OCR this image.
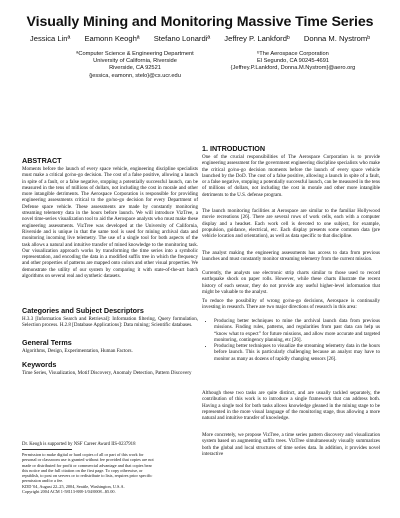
Visually Mining and Monitoring Massive Time Series
Jessica Linª Eamonn Keoghª Stefano Lonardiª Jeffrey P. Lankfordᵇ Donna M. Nystromᵇ
ªComputer Science & Engineering Department
University of California, Riverside
Riverside, CA 92521
{jessica, eamonn, stelo}@cs.ucr.edu
ᵇThe Aerospace Corporation
El Segundo, CA 90245-4691
{Jeffrey.P.Lankford, Donna.M.Nystrom}@aero.org
ABSTRACT
Moments before the launch of every space vehicle, engineering discipline specialists must make a critical go/no-go decision. The cost of a false positive, allowing a launch in spite of a fault, or a false negative, stopping a potentially successful launch, can be measured in the tens of millions of dollars, not including the cost in morale and other more intangible detriments. The Aerospace Corporation is responsible for providing engineering assessments critical to the go/no-go decision for every Department of Defense space vehicle. These assessments are made by constantly monitoring streaming telemetry data in the hours before launch. We will introduce VizTree, a novel time-series visualization tool to aid the Aerospace analysts who must make these engineering assessments. VizTree was developed at the University of California, Riverside and is unique in that the same tool is used for mining archival data and monitoring incoming live telemetry. The use of a single tool for both aspects of the task allows a natural and intuitive transfer of mined knowledge to the monitoring task. Our visualization approach works by transforming the time series into a symbolic representation, and encoding the data in a modified suffix tree in which the frequency and other properties of patterns are mapped onto colors and other visual properties. We demonstrate the utility of our system by comparing it with state-of-the-art batch algorithms on several real and synthetic datasets.
Categories and Subject Descriptors
H.3.3 [Information Search and Retrieval]: Information filtering, Query formulation, Selection process. H.2.8 [Database Applications]: Data mining; Scientific databases.
General Terms
Algorithms, Design, Experimentation, Human Factors.
Keywords
Time Series, Visualization, Motif Discovery, Anomaly Detection, Pattern Discovery
Dr. Keogh is supported by NSF Career Award IIS-0237918
Permission to make digital or hard copies of all or part of this work for
personal or classroom use is granted without fee provided that copies are not
made or distributed for profit or commercial advantage and that copies bear
this notice and the full citation on the first page. To copy otherwise, or
republish, to post on servers or to redistribute to lists, requires prior specific
permission and/or a fee.
KDD '04, August 22–25, 2004, Seattle, Washington, U.S.A.
Copyright 2004 ACM 1-58113-888-1/04/0008...$5.00.
1. INTRODUCTION
One of the crucial responsibilities of The Aerospace Corporation is to provide engineering assessment for the government engineering discipline specialists who make the critical go/no-go decision moments before the launch of every space vehicle launched by the DoD. The cost of a false positive, allowing a launch in spite of a fault, or a false negative, stopping a potentially successful launch, can be measured in the tens of millions of dollars, not including the cost in morale and other more intangible detriments to the U.S. defense program.
The launch monitoring facilities at Aerospace are similar to the familiar Hollywood movie recreations [26]. There are several rows of work cells, each with a computer display and a headset. Each work cell is devoted to one subject, for example, propulsion, guidance, electrical, etc. Each display presents some common data (pre vehicle location and orientation), as well as data specific to that discipline.
The analyst making the engineering assessments has access to data from previous launches and must constantly monitor streaming telemetry from the current mission.
Currently, the analysts use electronic strip charts similar to those used to record earthquake shock on paper rolls. However, while these charts illustrate the recent history of each sensor, they do not provide any useful higher-level information that might be valuable to the analyst.
To reduce the possibility of wrong go/no-go decisions, Aerospace is continually investing in research. There are two major directions of research in this area:
• Producing better techniques to mine the archival launch data from previous missions. Finding rules, patterns, and regularities from past data can help us “know what to expect” for future missions, and allow more accurate and targeted monitoring, contingency planning, etc [26].
• Producing better techniques to visualize the streaming telemetry data in the hours before launch. This is particularly challenging because an analyst may have to monitor as many as dozens of rapidly changing sensors [26].
Although these two tasks are quite distinct, and are usually tackled separately, the contribution of this work is to introduce a single framework that can address both. Having a single tool for both tasks allows knowledge gleaned in the mining stage to be represented in the more visual language of the monitoring stage, thus allowing a more natural and intuitive transfer of knowledge.
More concretely, we propose VizTree, a time series pattern discovery and visualization system based on augmenting suffix trees. VizTree simultaneously visually summarizes both the global and local structures of time series data. In addition, it provides novel interactive
